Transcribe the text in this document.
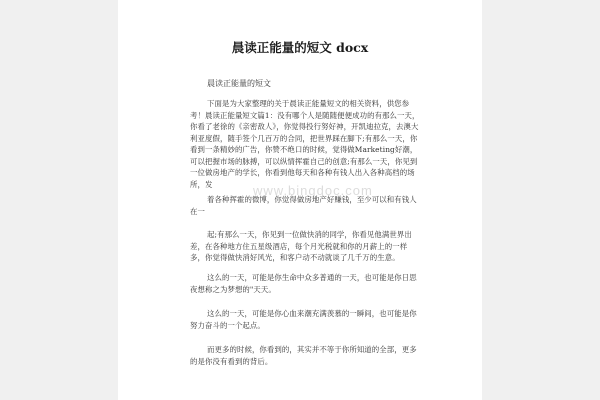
晨读正能量的短文 docx
晨读正能量的短文
下面是为大家整理的关于晨读正能量短文的相关资料，供您参考！晨读正能量短文篇1：没有哪个人是随随便便成功的有那么一天，你看了老徐的《亲密敌人》，你觉得投行努好神，开凯迪拉克，去澳大利亚度假，随手签个几百万的合同，把世界踩在脚下;有那么一天，你看到一条精妙的广告，你赞不绝口的时候，觉得做Marketing好潮，可以把握市场的脉搏，可以纵情挥霍自己的创意;有那么一天，你见到一位做房地产的学长，你看到他每天和各种有钱人出入各种高档的场所，发	www.bingdoc.com
着各种挥霍的微博，你觉得做房地产好赚钱，至少可以和有钱人在一
起;有那么一天，你见到一位做快消的同学，你看见他满世界出差，在各种地方住五星级酒店，每个月光税就和你的月薪上的一样多，你觉得做快消好风光，和客户动不动就谈了几千万的生意。
这么的一天，可能是你生命中众多普通的一天，也可能是你日思夜想称之为梦想的"天天。
这么的一天，可能是你心血来潮充满羡慕的一瞬间，也可能是你努力奋斗的一个起点。
而更多的时候，你看到的，其实并不等于你所知道的全部，更多的是你没有看到的背后。
